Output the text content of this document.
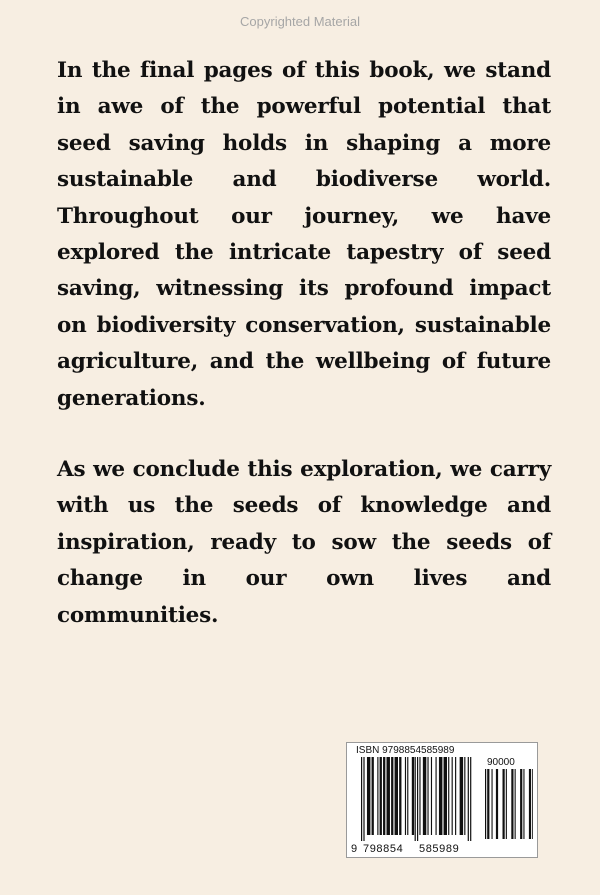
Copyrighted Material

In the final pages of this book, we stand in awe of the powerful potential that seed saving holds in shaping a more sustainable and biodiverse world. Throughout our journey, we have explored the intricate tapestry of seed saving, witnessing its profound impact on biodiversity conservation, sustainable agriculture, and the wellbeing of future generations.

As we conclude this exploration, we carry with us the seeds of knowledge and inspiration, ready to sow the seeds of change in our own lives and communities.

ISBN 9798854585989
90000
9 798854 585989
